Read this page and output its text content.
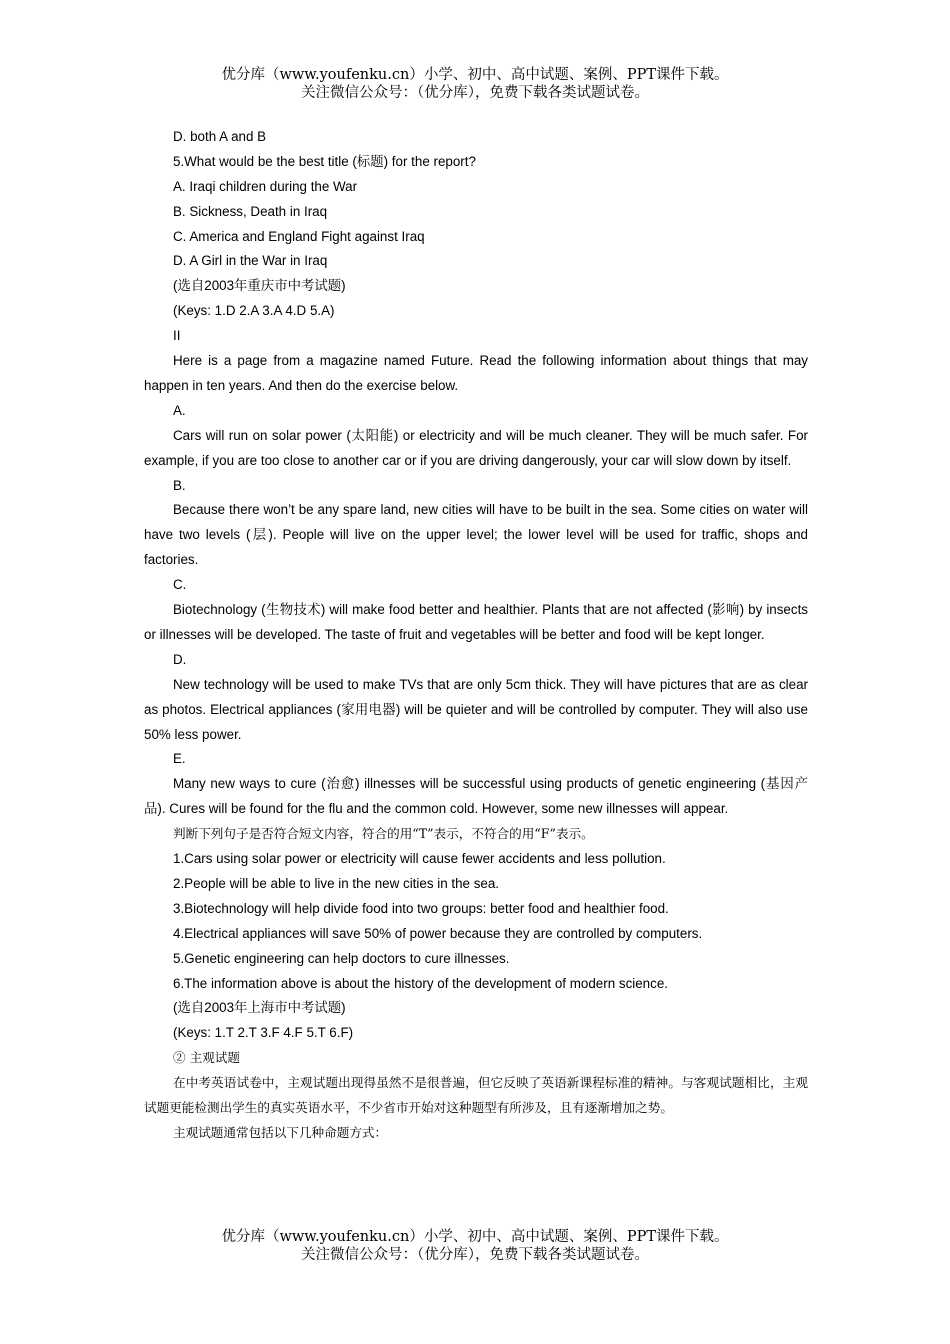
优分库（www.youfenku.cn）小学、初中、高中试题、案例、PPT课件下载。
关注微信公众号：（优分库），免费下载各类试题试卷。
D. both A and B
5.What would be the best title (标题) for the report?
A. Iraqi children during the War
B. Sickness, Death in Iraq
C. America and England Fight against Iraq
D. A Girl in the War in Iraq
(选自2003年重庆市中考试题)
(Keys: 1.D 2.A 3.A 4.D 5.A)
II
Here is a page from a magazine named Future. Read the following information about things that may happen in ten years. And then do the exercise below.
A.
Cars will run on solar power (太阳能) or electricity and will be much cleaner. They will be much safer. For example, if you are too close to another car or if you are driving dangerously, your car will slow down by itself.
B.
Because there won’t be any spare land, new cities will have to be built in the sea. Some cities on water will have two levels (层). People will live on the upper level; the lower level will be used for traffic, shops and factories.
C.
Biotechnology (生物技术) will make food better and healthier. Plants that are not affected (影响) by insects or illnesses will be developed. The taste of fruit and vegetables will be better and food will be kept longer.
D.
New technology will be used to make TVs that are only 5cm thick. They will have pictures that are as clear as photos. Electrical appliances (家用电器) will be quieter and will be controlled by computer. They will also use 50% less power.
E.
Many new ways to cure (治愈) illnesses will be successful using products of genetic engineering (基因产品). Cures will be found for the flu and the common cold. However, some new illnesses will appear.
判断下列句子是否符合短文内容，符合的用“T”表示，不符合的用“F”表示。
1.Cars using solar power or electricity will cause fewer accidents and less pollution.
2.People will be able to live in the new cities in the sea.
3.Biotechnology will help divide food into two groups: better food and healthier food.
4.Electrical appliances will save 50% of power because they are controlled by computers.
5.Genetic engineering can help doctors to cure illnesses.
6.The information above is about the history of the development of modern science.
(选自2003年上海市中考试题)
(Keys: 1.T 2.T 3.F 4.F 5.T 6.F)
② 主观试题
在中考英语试卷中，主观试题出现得虽然不是很普遍，但它反映了英语新课程标准的精神。与客观试题相比，主观试题更能检测出学生的真实英语水平，不少省市开始对这种题型有所涉及，且有逐渐增加之势。
主观试题通常包括以下几种命题方式：
优分库（www.youfenku.cn）小学、初中、高中试题、案例、PPT课件下载。
关注微信公众号：（优分库），免费下载各类试题试卷。
